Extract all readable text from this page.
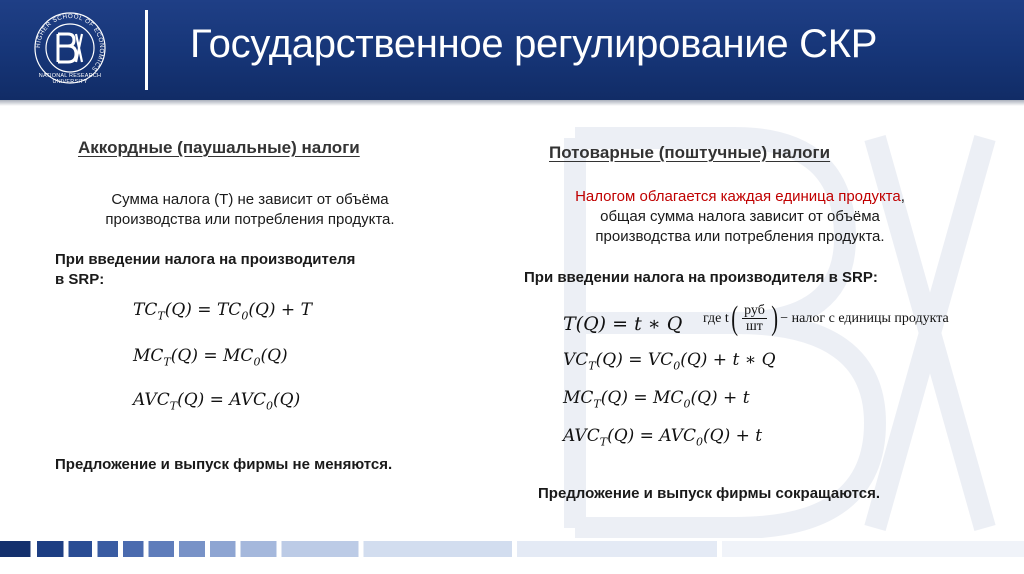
HIGHER SCHOOL OF ECONOMICS
NATIONAL RESEARCH
UNIVERSITY
Государственное регулирование СКР
Аккордные (паушальные) налоги
Сумма налога (T) не зависит от объёма
производства или потребления продукта.
При введении налога на производителя
в SRP:
$TC_T(Q) = TC_0(Q) + T$
$MC_T(Q) = MC_0(Q)$
$AVC_T(Q) = AVC_0(Q)$
Предложение и выпуск фирмы не меняются.
Потоварные (поштучные) налоги
Налогом облагается каждая единица продукта,
общая сумма налога зависит от объёма
производства или потребления продукта.
При введении налога на производителя в SRP:
T(Q) = t ∗ Q где t ( $\frac{\text{руб}}{шт}$ ) − налог с единицы продукта
$VC_T(Q) = VC_0(Q) + t$ ∗ Q
$MC_T(Q) = MC_0(Q) + t$
$AVC_T(Q) = AVC_0(Q) + t$
Предложение и выпуск фирмы сокращаются.
